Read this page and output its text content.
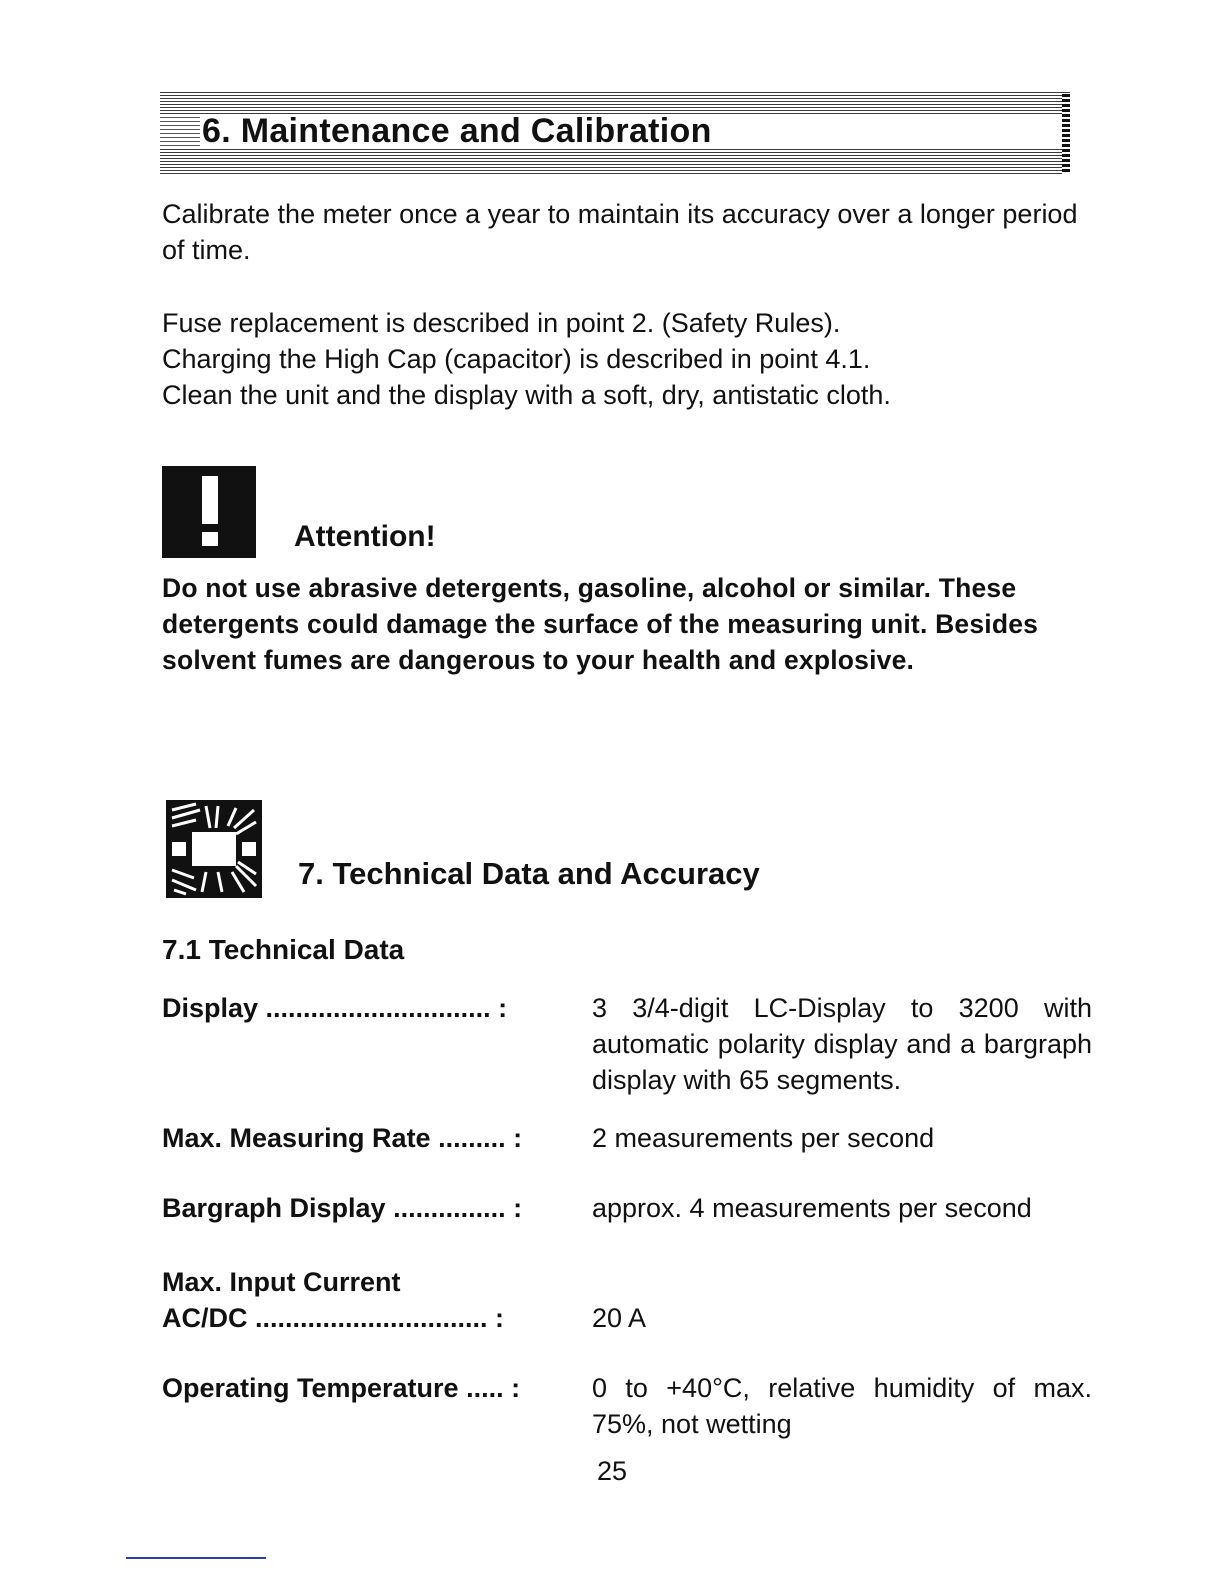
6. Maintenance and Calibration

Calibrate the meter once a year to maintain its accuracy over a longer period of time.

Fuse replacement is described in point 2. (Safety Rules).

Charging the High Cap (capacitor) is described in point 4.1.

Clean the unit and the display with a soft, dry, antistatic cloth.

Attention!

Do not use abrasive detergents, gasoline, alcohol or similar. These detergents could damage the surface of the measuring unit. Besides solvent fumes are dangerous to your health and explosive.

7. Technical Data and Accuracy
7.1 Technical Data
Display .............................. :	3 3/4-digit LC-Display to 3200 with automatic polarity display and a bargraph display with 65 segments.
Max. Measuring Rate ......... :	2 measurements per second
Bargraph Display ............... :	approx. 4 measurements per second
Max. Input Current
AC/DC ............................... :	20 A
Operating Temperature ..... :	0 to +40°C, relative humidity of max. 75%, not wetting
25
